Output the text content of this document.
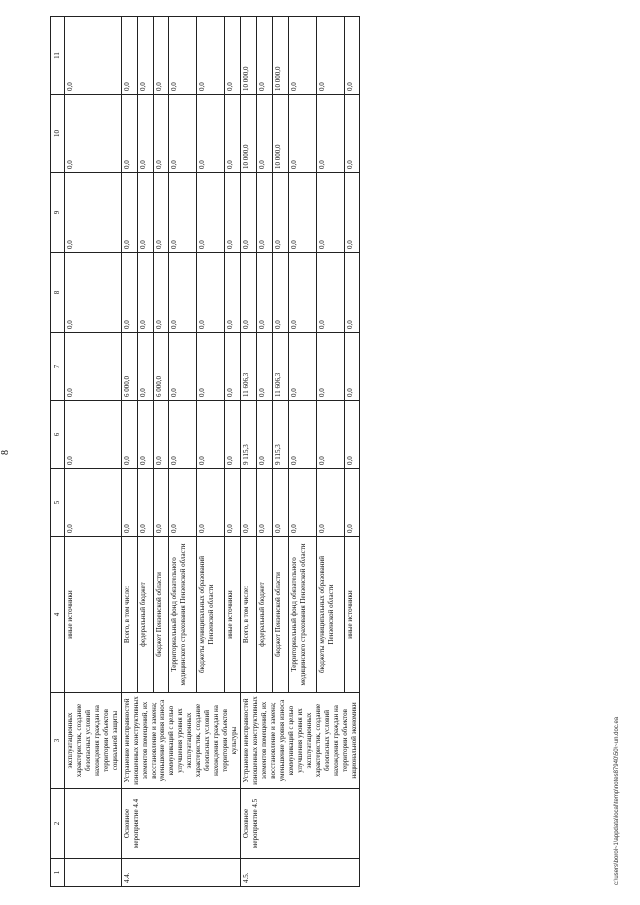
8
1	2	3	4	5	6	7	8	9	10	11
		эксплуатационных характеристик, создание безопасных условий нахождения граждан на территории объектов социальной защиты	иные источники	0,0	0,0	0,0	0,0	0,0	0,0	0,0
4.4.	Основное мероприятие 4.4	Устранение неисправностей изношенных конструктивных элементов помещений, их восстановление и замена; уменьшение уровня износа коммуникаций с целью улучшения уровня их эксплуатационных характеристик, создание безопасных условий нахождения граждан на территории объектов культуры	Всего, в том числе:	0,0	0,0	6 000,0	0,0	0,0	0,0	0,0
			федеральный бюджет	0,0	0,0	0,0	0,0	0,0	0,0	0,0
			бюджет Пензенской области	0,0	0,0	6 000,0	0,0	0,0	0,0	0,0
			Территориальный фонд обязательного медицинского страхования Пензенской области	0,0	0,0	0,0	0,0	0,0	0,0	0,0
			бюджеты муниципальных образований Пензенской области	0,0	0,0	0,0	0,0	0,0	0,0	0,0
			иные источники	0,0	0,0	0,0	0,0	0,0	0,0	0,0
4.5.	Основное мероприятие 4.5	Устранение неисправностей изношенных конструктивных элементов помещений, их восстановление и замена; уменьшение уровня износа коммуникаций с целью улучшения уровня их эксплуатационных характеристик, создание безопасных условий нахождения граждан на территории объектов национальной экономики	Всего, в том числе:	0,0	9 115,3	11 606,3	0,0	0,0	10 000,0	10 000,0
			федеральный бюджет	0,0	0,0	0,0	0,0	0,0	0,0	0,0
			бюджет Пензенской области	0,0	9 115,3	11 606,3	0,0	0,0	10 000,0	10 000,0
			Территориальный фонд обязательного медицинского страхования Пензенской области	0,0	0,0	0,0	0,0	0,0	0,0	0,0
			бюджеты муниципальных образований Пензенской области	0,0	0,0	0,0	0,0	0,0	0,0	0,0
			иные источники	0,0	0,0	0,0	0,0	0,0	0,0	0,0
c:\users\borol~1\appdata\local\temp\notes87940\50\~un.doc.ea
